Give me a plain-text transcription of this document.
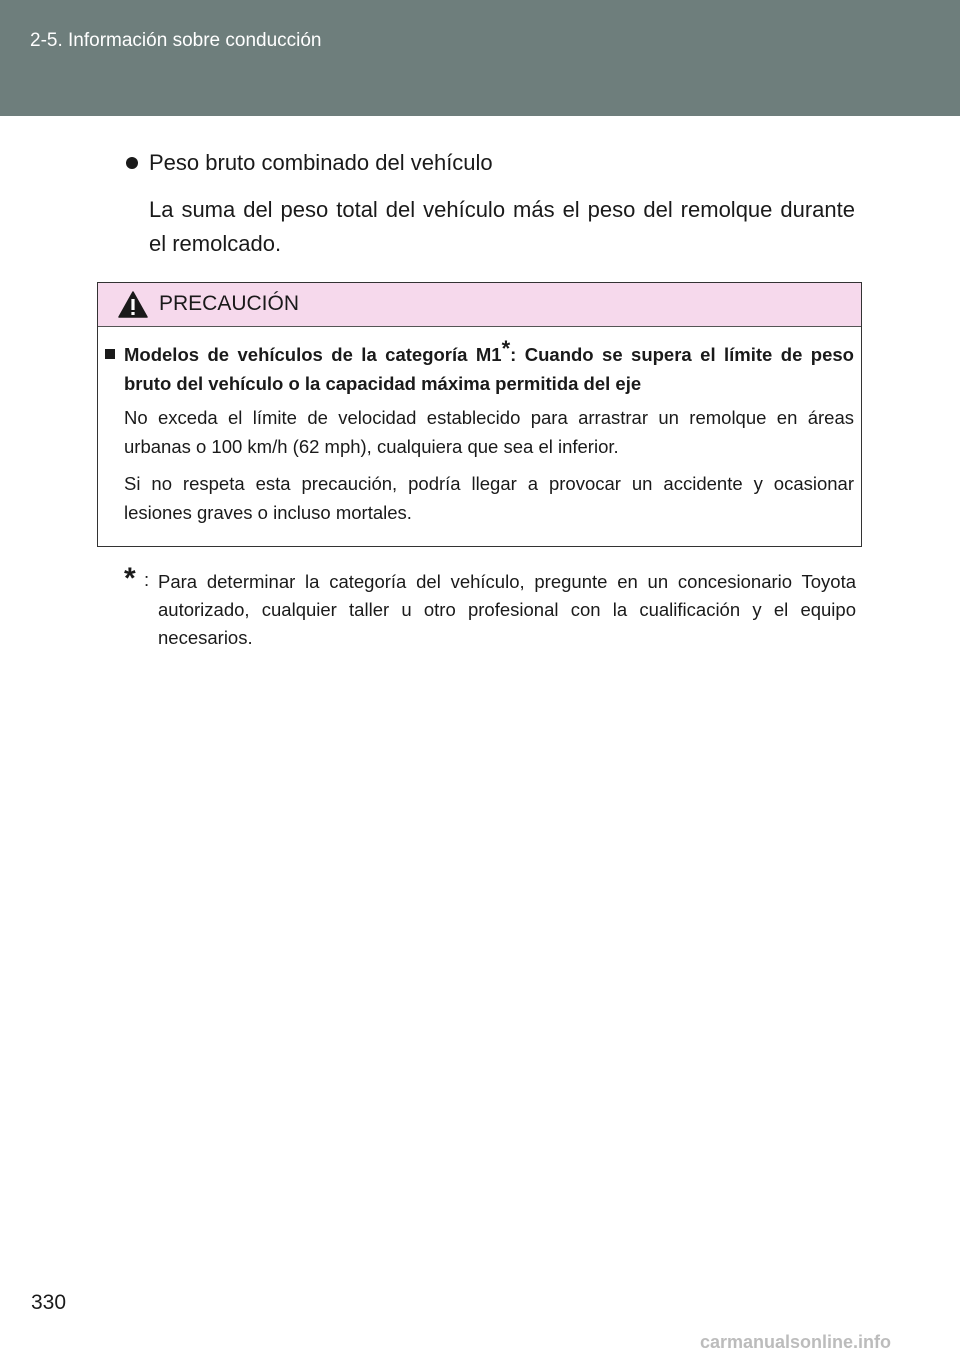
2-5. Información sobre conducción
Peso bruto combinado del vehículo
La suma del peso total del vehículo más el peso del remolque durante el remolcado.
PRECAUCIÓN
Modelos de vehículos de la categoría M1*: Cuando se supera el límite de peso bruto del vehículo o la capacidad máxima permitida del eje
No exceda el límite de velocidad establecido para arrastrar un remolque en áreas urbanas o 100 km/h (62 mph), cualquiera que sea el inferior.
Si no respeta esta precaución, podría llegar a provocar un accidente y ocasionar lesiones graves o incluso mortales.
* : Para determinar la categoría del vehículo, pregunte en un concesionario Toyota autorizado, cualquier taller u otro profesional con la cualificación y el equipo necesarios.
330
carmanualsonline.info
